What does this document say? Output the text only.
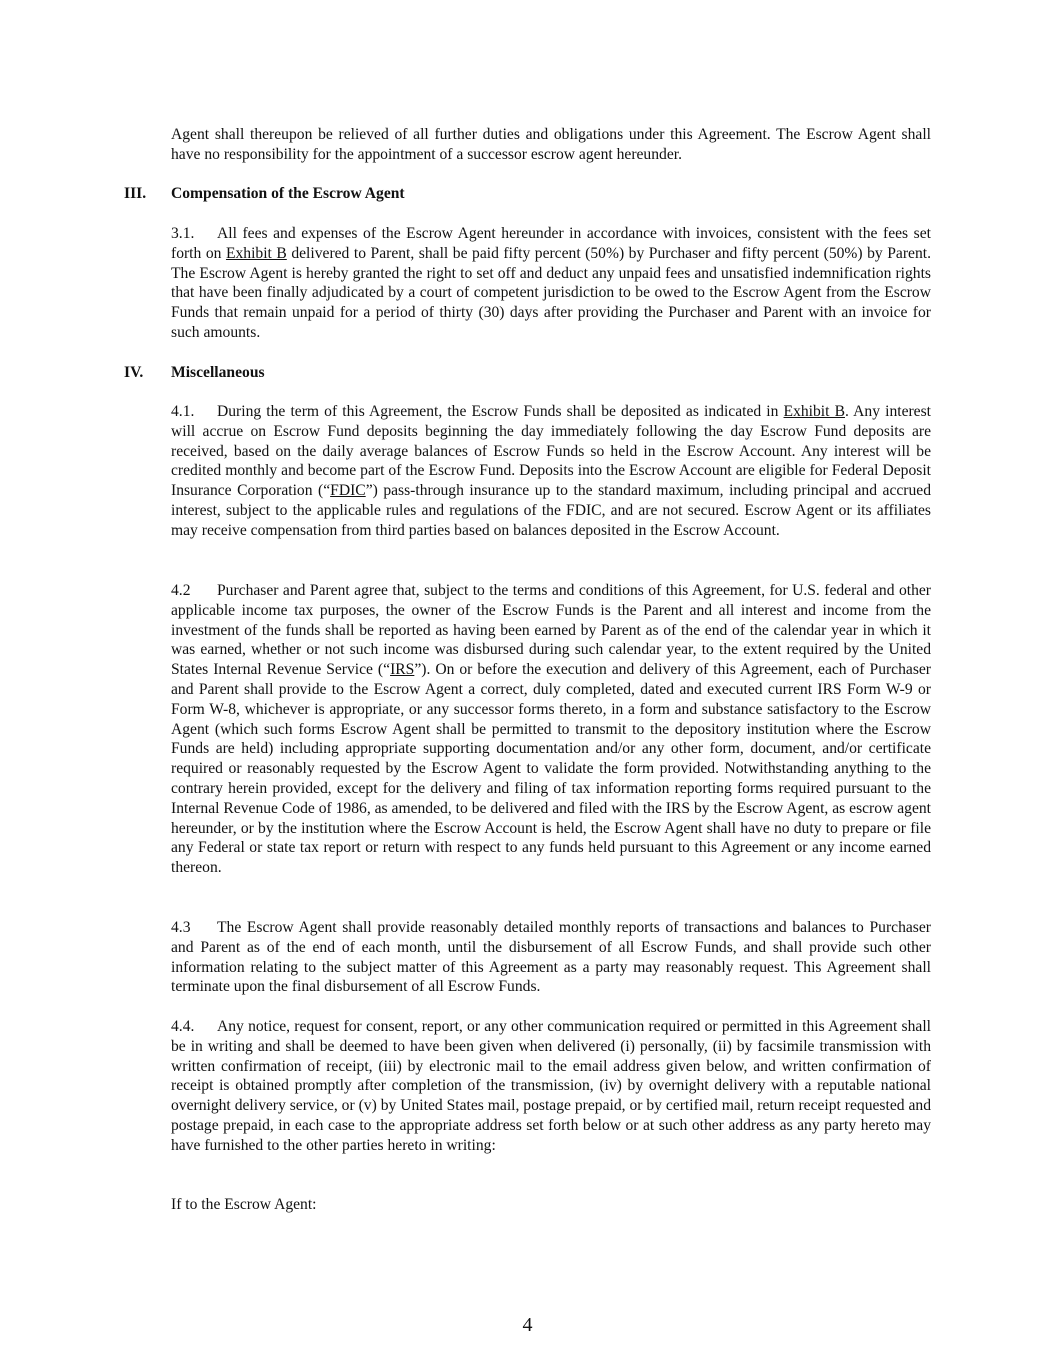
Agent shall thereupon be relieved of all further duties and obligations under this Agreement. The Escrow Agent shall have no responsibility for the appointment of a successor escrow agent hereunder.

III. Compensation of the Escrow Agent

3.1. All fees and expenses of the Escrow Agent hereunder in accordance with invoices, consistent with the fees set forth on Exhibit B delivered to Parent, shall be paid fifty percent (50%) by Purchaser and fifty percent (50%) by Parent. The Escrow Agent is hereby granted the right to set off and deduct any unpaid fees and unsatisfied indemnification rights that have been finally adjudicated by a court of competent jurisdiction to be owed to the Escrow Agent from the Escrow Funds that remain unpaid for a period of thirty (30) days after providing the Purchaser and Parent with an invoice for such amounts.

IV. Miscellaneous

4.1. During the term of this Agreement, the Escrow Funds shall be deposited as indicated in Exhibit B. Any interest will accrue on Escrow Fund deposits beginning the day immediately following the day Escrow Fund deposits are received, based on the daily average balances of Escrow Funds so held in the Escrow Account. Any interest will be credited monthly and become part of the Escrow Fund. Deposits into the Escrow Account are eligible for Federal Deposit Insurance Corporation (“FDIC”) pass-through insurance up to the standard maximum, including principal and accrued interest, subject to the applicable rules and regulations of the FDIC, and are not secured. Escrow Agent or its affiliates may receive compensation from third parties based on balances deposited in the Escrow Account.

4.2 Purchaser and Parent agree that, subject to the terms and conditions of this Agreement, for U.S. federal and other applicable income tax purposes, the owner of the Escrow Funds is the Parent and all interest and income from the investment of the funds shall be reported as having been earned by Parent as of the end of the calendar year in which it was earned, whether or not such income was disbursed during such calendar year, to the extent required by the United States Internal Revenue Service (“IRS”). On or before the execution and delivery of this Agreement, each of Purchaser and Parent shall provide to the Escrow Agent a correct, duly completed, dated and executed current IRS Form W-9 or Form W-8, whichever is appropriate, or any successor forms thereto, in a form and substance satisfactory to the Escrow Agent (which such forms Escrow Agent shall be permitted to transmit to the depository institution where the Escrow Funds are held) including appropriate supporting documentation and/or any other form, document, and/or certificate required or reasonably requested by the Escrow Agent to validate the form provided. Notwithstanding anything to the contrary herein provided, except for the delivery and filing of tax information reporting forms required pursuant to the Internal Revenue Code of 1986, as amended, to be delivered and filed with the IRS by the Escrow Agent, as escrow agent hereunder, or by the institution where the Escrow Account is held, the Escrow Agent shall have no duty to prepare or file any Federal or state tax report or return with respect to any funds held pursuant to this Agreement or any income earned thereon.

4.3 The Escrow Agent shall provide reasonably detailed monthly reports of transactions and balances to Purchaser and Parent as of the end of each month, until the disbursement of all Escrow Funds, and shall provide such other information relating to the subject matter of this Agreement as a party may reasonably request. This Agreement shall terminate upon the final disbursement of all Escrow Funds.

4.4. Any notice, request for consent, report, or any other communication required or permitted in this Agreement shall be in writing and shall be deemed to have been given when delivered (i) personally, (ii) by facsimile transmission with written confirmation of receipt, (iii) by electronic mail to the email address given below, and written confirmation of receipt is obtained promptly after completion of the transmission, (iv) by overnight delivery with a reputable national overnight delivery service, or (v) by United States mail, postage prepaid, or by certified mail, return receipt requested and postage prepaid, in each case to the appropriate address set forth below or at such other address as any party hereto may have furnished to the other parties hereto in writing:

If to the Escrow Agent:

4
